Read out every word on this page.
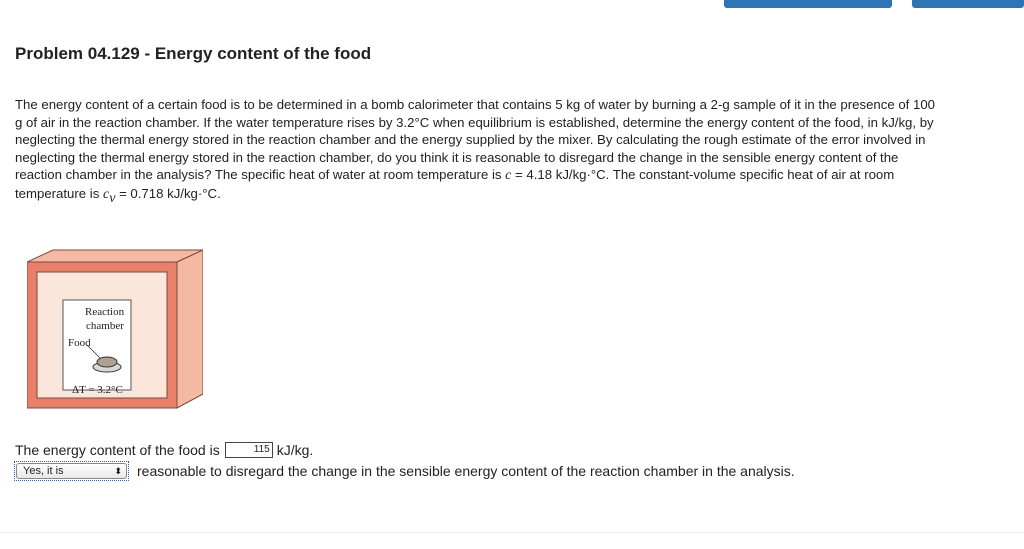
Problem 04.129 - Energy content of the food
The energy content of a certain food is to be determined in a bomb calorimeter that contains 5 kg of water by burning a 2-g sample of it in the presence of 100 g of air in the reaction chamber. If the water temperature rises by 3.2°C when equilibrium is established, determine the energy content of the food, in kJ/kg, by neglecting the thermal energy stored in the reaction chamber and the energy supplied by the mixer. By calculating the rough estimate of the error involved in neglecting the thermal energy stored in the reaction chamber, do you think it is reasonable to disregard the change in the sensible energy content of the reaction chamber in the analysis? The specific heat of water at room temperature is c = 4.18 kJ/kg·°C. The constant-volume specific heat of air at room temperature is $c_v = 0.718$ kJ/kg·°C.
Reaction
chamber
Food
ΔT = 3.2°C
The energy content of the food is	115 kJ/kg.
Yes, it is	⬍ reasonable to disregard the change in the sensible energy content of the reaction chamber in the analysis.
